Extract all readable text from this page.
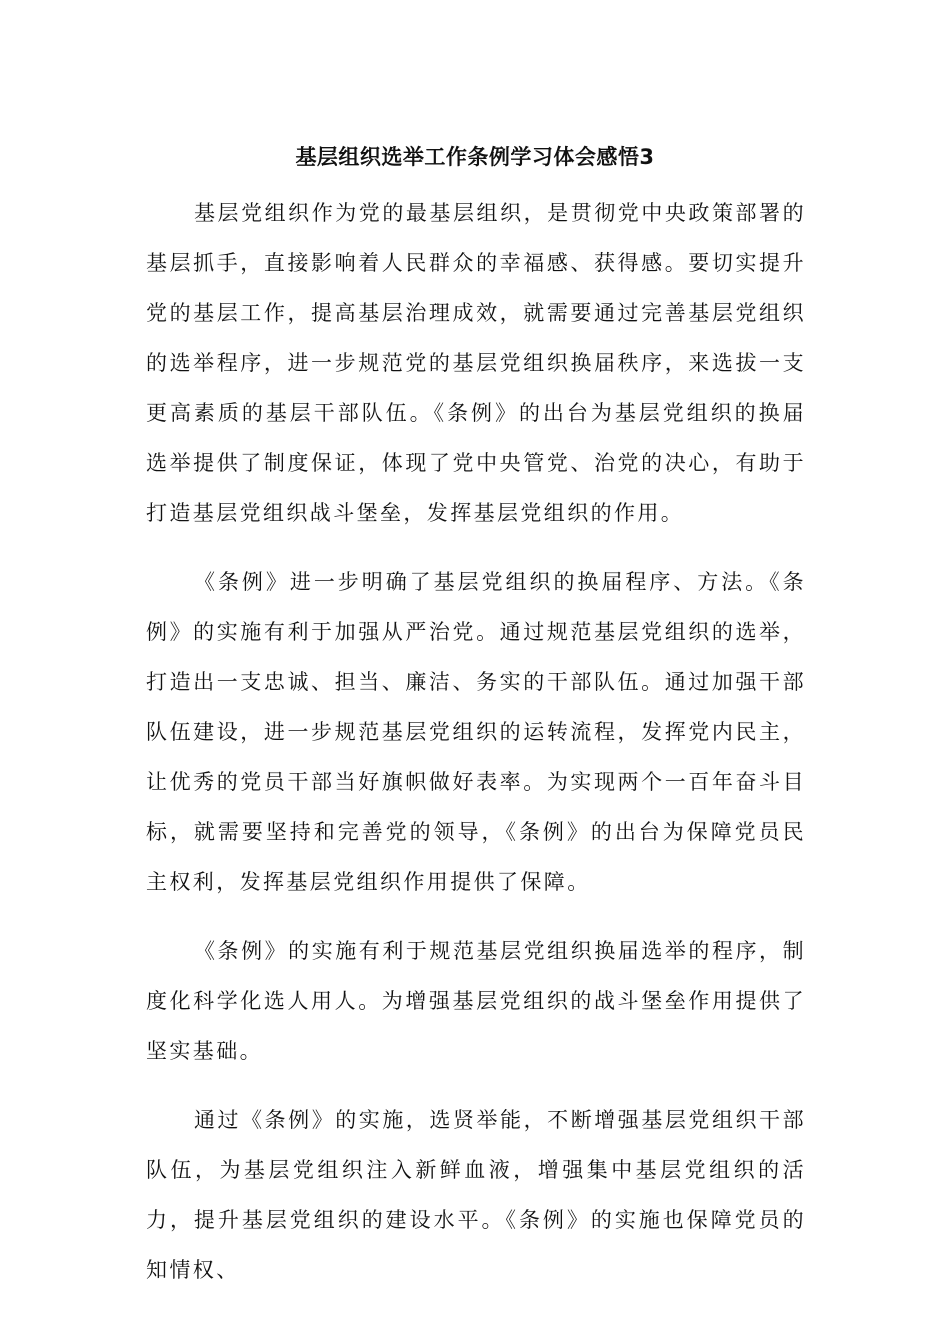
基层组织选举工作条例学习体会感悟3

基层党组织作为党的最基层组织，是贯彻党中央政策部署的基层抓手，直接影响着人民群众的幸福感、获得感。要切实提升党的基层工作，提高基层治理成效，就需要通过完善基层党组织的选举程序，进一步规范党的基层党组织换届秩序，来选拔一支更高素质的基层干部队伍。《条例》的出台为基层党组织的换届选举提供了制度保证，体现了党中央管党、治党的决心，有助于打造基层党组织战斗堡垒，发挥基层党组织的作用。

《条例》进一步明确了基层党组织的换届程序、方法。《条例》的实施有利于加强从严治党。通过规范基层党组织的选举，打造出一支忠诚、担当、廉洁、务实的干部队伍。通过加强干部队伍建设，进一步规范基层党组织的运转流程，发挥党内民主，让优秀的党员干部当好旗帜做好表率。为实现两个一百年奋斗目标，就需要坚持和完善党的领导，《条例》的出台为保障党员民主权利，发挥基层党组织作用提供了保障。

《条例》的实施有利于规范基层党组织换届选举的程序，制度化科学化选人用人。为增强基层党组织的战斗堡垒作用提供了坚实基础。

通过《条例》的实施，选贤举能，不断增强基层党组织干部队伍，为基层党组织注入新鲜血液，增强集中基层党组织的活力，提升基层党组织的建设水平。《条例》的实施也保障党员的知情权、
